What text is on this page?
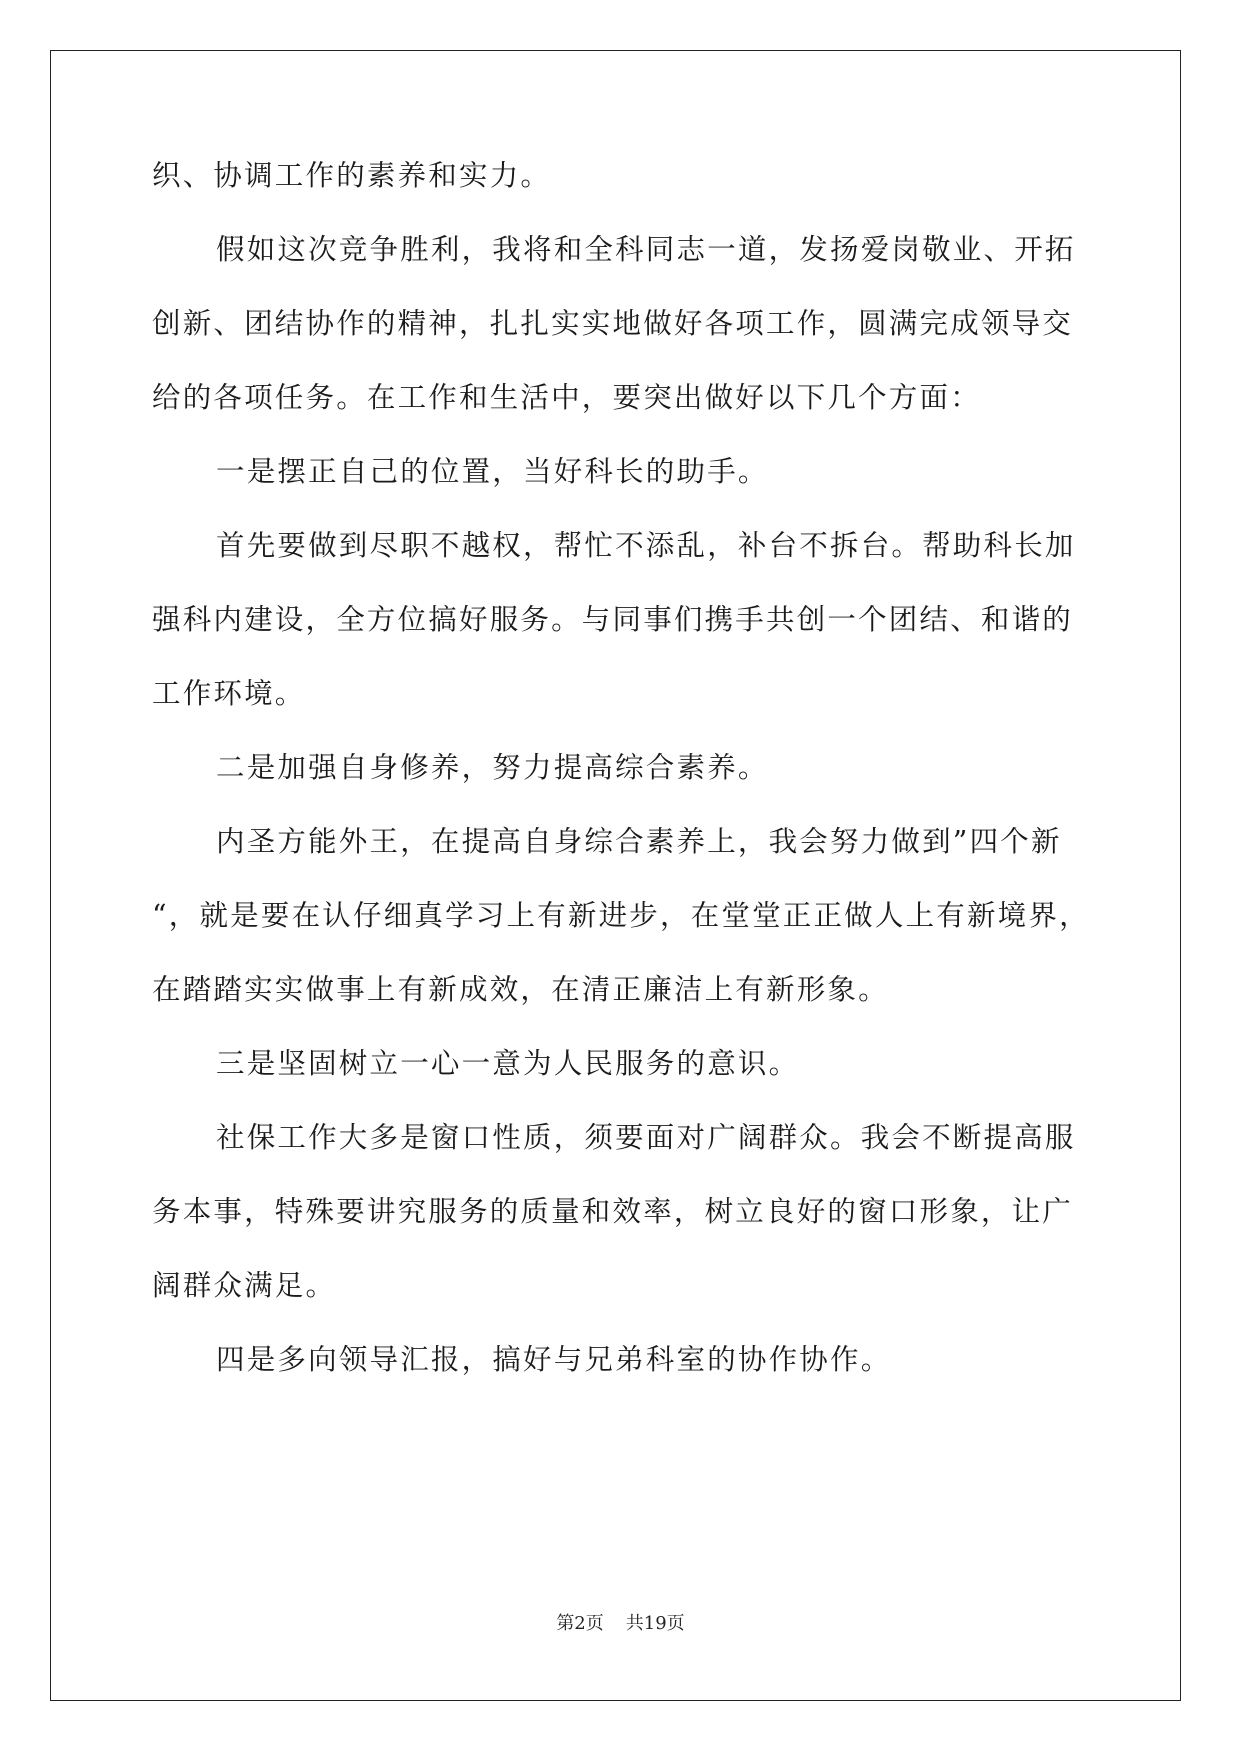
织、协调工作的素养和实力。
假如这次竞争胜利，我将和全科同志一道，发扬爱岗敬业、开拓
创新、团结协作的精神，扎扎实实地做好各项工作，圆满完成领导交
给的各项任务。在工作和生活中，要突出做好以下几个方面：
一是摆正自己的位置，当好科长的助手。
首先要做到尽职不越权，帮忙不添乱，补台不拆台。帮助科长加
强科内建设，全方位搞好服务。与同事们携手共创一个团结、和谐的
工作环境。
二是加强自身修养，努力提高综合素养。
内圣方能外王，在提高自身综合素养上，我会努力做到”四个新
“，就是要在认仔细真学习上有新进步，在堂堂正正做人上有新境界，
在踏踏实实做事上有新成效，在清正廉洁上有新形象。
三是坚固树立一心一意为人民服务的意识。
社保工作大多是窗口性质，须要面对广阔群众。我会不断提高服
务本事，特殊要讲究服务的质量和效率，树立良好的窗口形象，让广
阔群众满足。
四是多向领导汇报，搞好与兄弟科室的协作协作。
第2页 共19页
